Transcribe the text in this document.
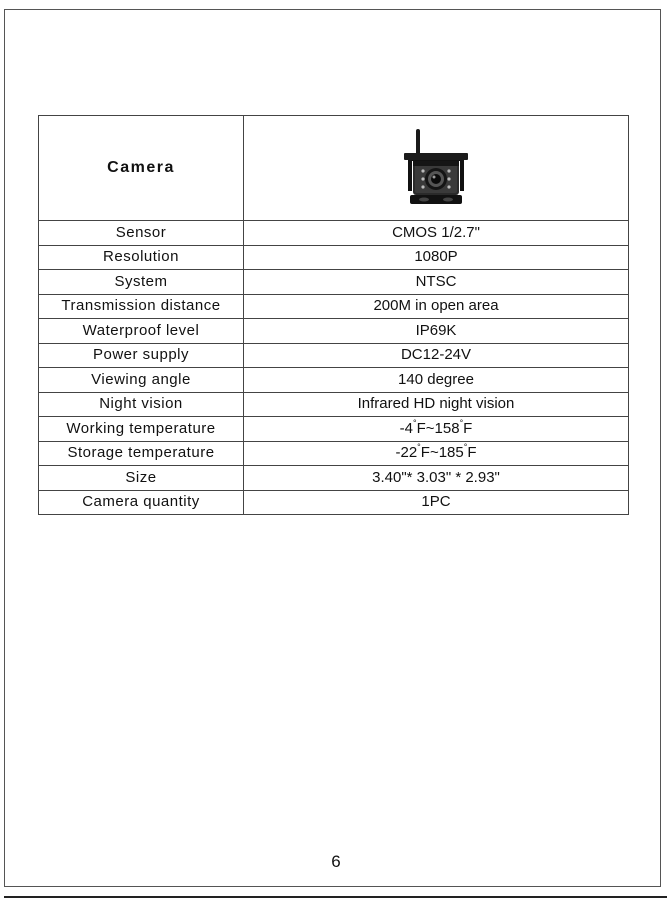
Camera	

Sensor	CMOS 1/2.7"
Resolution	1080P
System	NTSC
Transmission distance	200M in open area
Waterproof level	IP69K
Power supply	DC12-24V
Viewing angle	140 degree
Night vision	Infrared HD night vision
Working temperature	-4°F~158°F
Storage temperature	-22°F~185°F
Size	3.40"* 3.03" * 2.93"
Camera quantity	1PC
6
